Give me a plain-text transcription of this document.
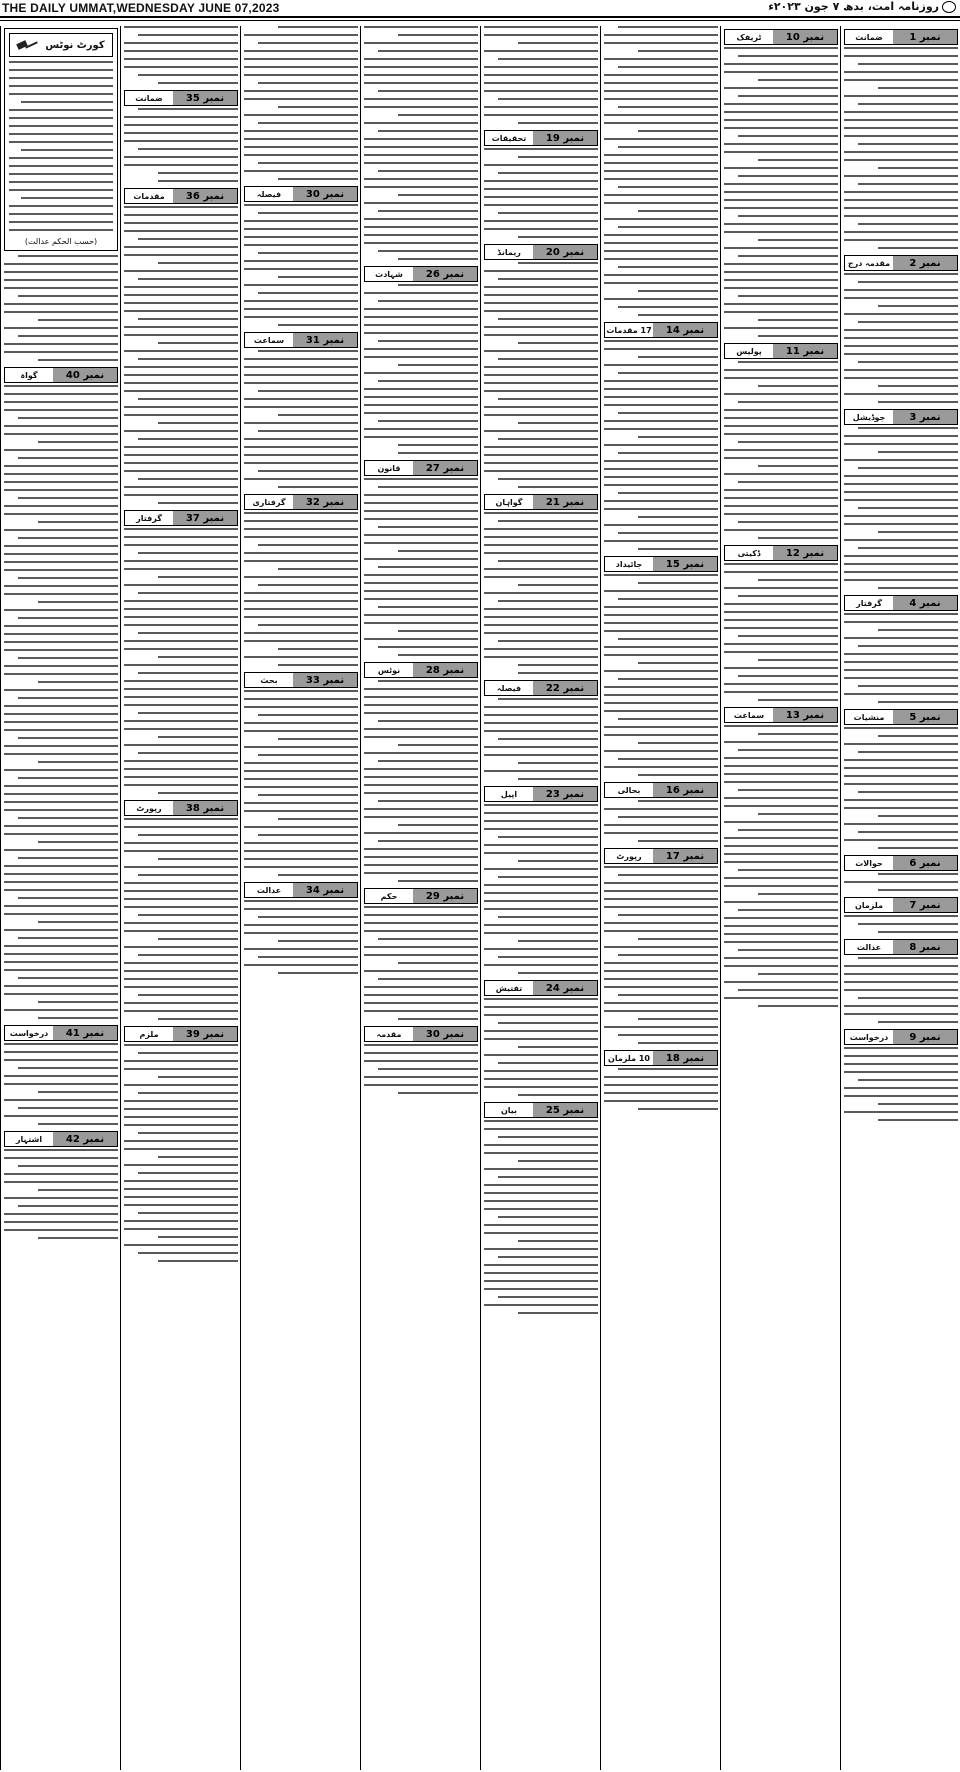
THE DAILY UMMAT,WEDNESDAY JUNE 07,2023	روزنامہ امت، بدھ ۷ جون ۲۰۲۳ء
نمبر 1
ضمانت
نمبر 2
مقدمہ درج
نمبر 3
جوڈیشل
نمبر 4
گرفتار
نمبر 5
منشیات
نمبر 6
حوالات
نمبر 7
ملزمان
نمبر 8
عدالت
نمبر 9
درخواست
نمبر 10
ٹریفک
نمبر 11
پولیس
نمبر 12
ڈکیتی
نمبر 13
سماعت
نمبر 14
17 مقدمات
نمبر 15
جائیداد
نمبر 16
بحالی
نمبر 17
رپورٹ
نمبر 18
10 ملزمان
نمبر 19
تحقیقات
نمبر 20
ریمانڈ
نمبر 21
گواہان
نمبر 22
فیصلہ
نمبر 23
اپیل
نمبر 24
تفتیش
نمبر 25
بیان
نمبر 26
شہادت
نمبر 27
قانون
نمبر 28
نوٹس
نمبر 29
حکم
نمبر 30
مقدمہ
نمبر 30
فیصلہ
نمبر 31
سماعت
نمبر 32
گرفتاری
نمبر 33
بحث
نمبر 34
عدالت
نمبر 35
ضمانت
نمبر 36
مقدمات
نمبر 37
گرفتار
نمبر 38
رپورٹ
نمبر 39
ملزم
کورٹ نوٹس
(حسب الحکم عدالت)
نمبر 40
گواہ
نمبر 41
درخواست
نمبر 42
اشتہار
